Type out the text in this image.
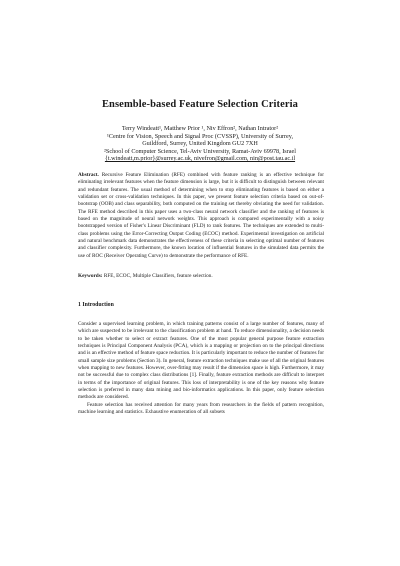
Ensemble-based Feature Selection Criteria
Terry Windeatt¹, Matthew Prior ¹, Niv Effron², Nathan Intrator²
¹Centre for Vision, Speech and Signal Proc (CVSSP), University of Surrey,
Guildford, Surrey, United Kingdom GU2 7XH
²School of Computer Science, Tel-Aviv University, Ramat-Aviv 69978, Israel
{t.windeatt,m.prior}@surrey.ac.uk, nivefron@gmail.com, nin@post.tau.ac.il
Abstract. Recursive Feature Elimination (RFE) combined with feature ranking is an effective technique for eliminating irrelevant features when the feature dimension is large, but it is difficult to distinguish between relevant and redundant features. The usual method of determining when to stop eliminating features is based on either a validation set or cross-validation techniques. In this paper, we present feature selection criteria based on out-of-bootstrap (OOB) and class separability, both computed on the training set thereby obviating the need for validation. The RFE method described in this paper uses a two-class neural network classifier and the ranking of features is based on the magnitude of neural network weights. This approach is compared experimentally with a noisy bootstrapped version of Fisher's Linear Discriminant (FLD) to rank features. The techniques are extended to multi-class problems using the Error-Correcting Output Coding (ECOC) method. Experimental investigation on artificial and natural benchmark data demonstrates the effectiveness of these criteria in selecting optimal number of features and classifier complexity. Furthermore, the known location of influential features in the simulated data permits the use of ROC (Receiver Operating Curve) to demonstrate the performance of RFE.
Keywords: RFE, ECOC, Multiple Classifiers, feature selection.
1 Introduction

Consider a supervised learning problem, in which training patterns consist of a large number of features, many of which are suspected to be irrelevant to the classification problem at hand. To reduce dimensionality, a decision needs to be taken whether to select or extract features. One of the most popular general purpose feature extraction techniques is Principal Component Analysis (PCA), which is a mapping or projection on to the principal directions and is an effective method of feature space reduction. It is particularly important to reduce the number of features for small sample size problems (Section 3). In general, feature extraction techniques make use of all the original features when mapping to new features. However, over-fitting may result if the dimension space is high. Furthermore, it may not be successful due to complex class distributions [1]. Finally, feature extraction methods are difficult to interpret in terms of the importance of original features. This loss of interpretability is one of the key reasons why feature selection is preferred in many data mining and bio-informatics applications. In this paper, only feature selection methods are considered.

Feature selection has received attention for many years from researchers in the fields of pattern recognition, machine learning and statistics. Exhaustive enumeration of all subsets
